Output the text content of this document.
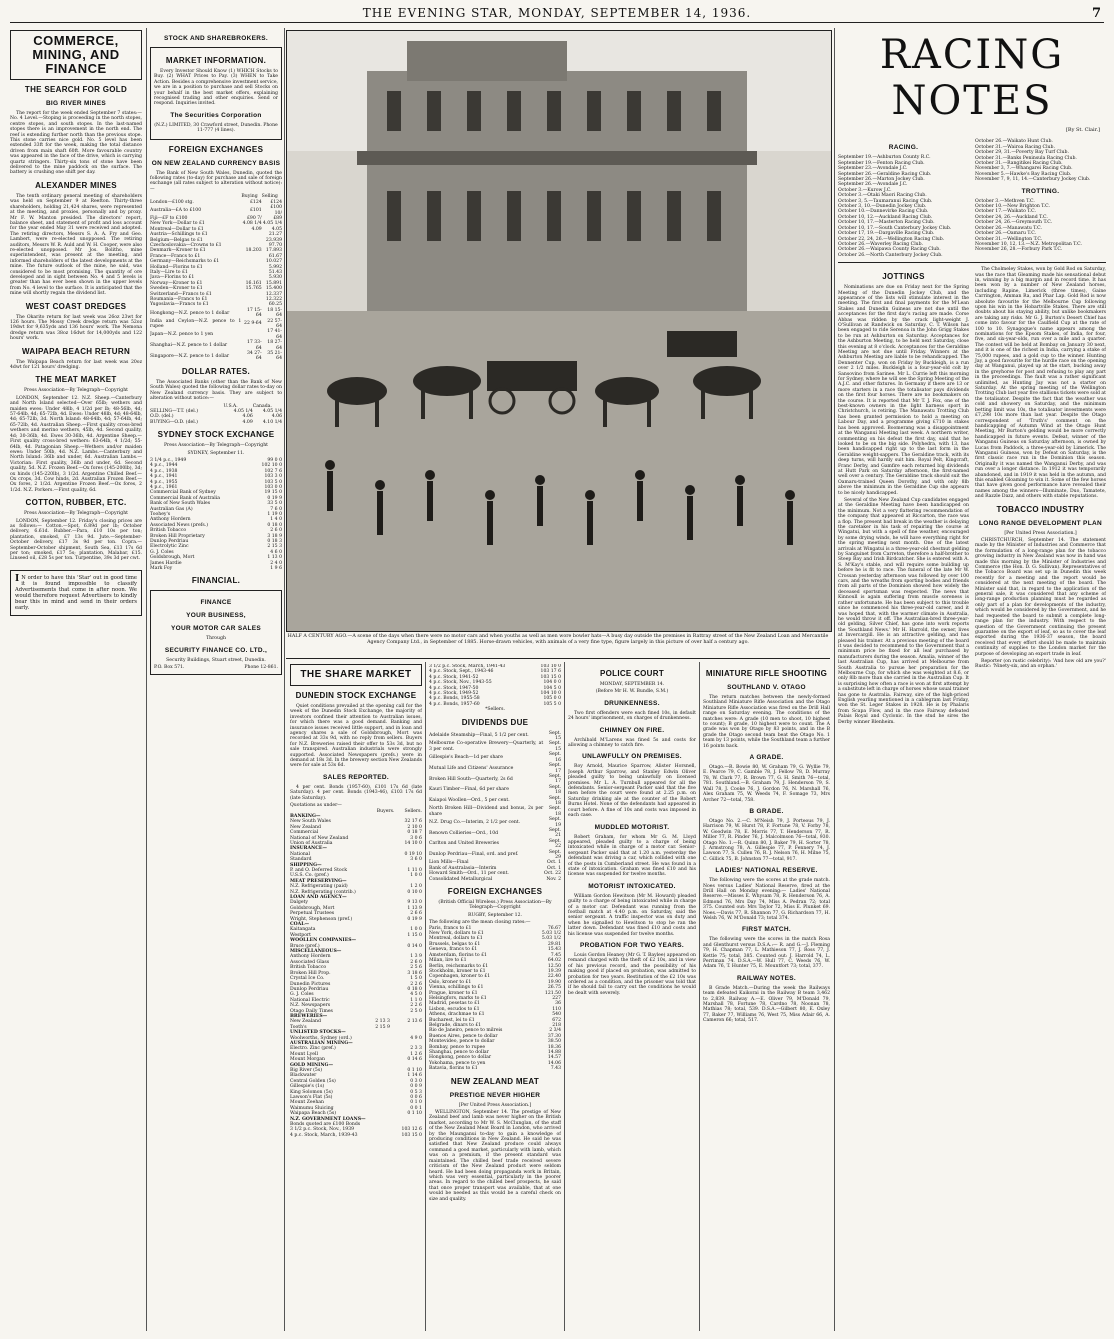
THE EVENING STAR, MONDAY, SEPTEMBER 14, 1936.	7
COMMERCE, MINING, AND FINANCE
THE SEARCH FOR GOLD
BIG RIVER MINES

The report for the week ended September 7 states:— No. 4 Level.—Stoping is proceeding in the north stopes, centre stopes, and south stopes. In the last-named stopes there is an improvement in the north end. The reef is extending further north than the previous stope. This stone carries nice gold. No. 5 level has been extended 33ft for the week, making the total distance driven from main shaft 60ft. More favourable country was appeared in the face of the drive, which is carrying quartz stringers. Thirty-six tons of stone have been delivered to the mine paddock on the surface. The battery is crushing one shift per day.

ALEXANDER MINES

The tenth ordinary general meeting of shareholders was held on September 9 at Reefton. Thirty-three shareholders, holding 21,424 shares, were represented at the meeting, and proxies, personally and by proxy. Mr F. W. Manton presided. The directors' report, balance sheet, and statement of profit and loss account for the year ended May 31 were received and adopted. The retiring directors, Messrs S. A. A. Fry and Geo. Lambert, were re-elected unopposed. The retiring auditors, Messrs W. R. Auld and W. H. Cooper, were also re-elected unopposed. Mr Jos. Bolitho, mine superintendent, was present at the meeting, and informed shareholders of the latest developments at the mine. The future outlook of the mine, he said, was considered to be most promising. The quantity of ore developed and in sight between No. 4 and 5 levels is greater than has ever been shown in the upper levels from No. 4 level to the surface. It is anticipated that the mine will shortly regain the dividend list.

WEST COAST DREDGES

The Okarito return for last week was 26oz 23wt for 126 hours. The Mossy Creek dredge return was 52oz 19dwt for 9,635yds and 136 hours' work. The Nemona dredge return was 38oz 16dwt for 14,000yds and 122 hours' work.

WAIPAPA BEACH RETURN

The Waipapa Beach return for last week was 20oz 4dwt for 121 hours' dredging.

THE MEAT MARKET
Press Association—By Telegraph—Copyright

LONDON, September 12. N.Z. Sheep.—Canterbury and North Island selected—Over 65lb; wethers and maiden ewes: Under 48lb, 4 1/2d per lb; 48-56lb, 4d; 57-64lb, 4d; 65-72lb, 4d. Ewes: Under 48lb, 4d; 48-64lb, 4d; 65-72lb, 3d. North Island: 48-64lb, 4d; 57-64lb, 4d; 65-72lb, 4d. Australian Sheep.—First quality cross-bred wethers and merino wethers, 45lb, 4d. Second quality, 4d; 30-36lb, 4d. Ewes 30-36lb, 4d. Argentine Sheep.—First quality cross-bred wethers: 63-64lb, 4 1/2d; 55-64lb, 4d. Patagonian Sheep.—Wethers and/or maiden ewes: Under 50lb, 4d. N.Z. Lambs.—Canterbury and North Island: 36lb and under, 6d. Australian Lambs.—Victorian: First quality, 36lb and under, 6d. Second quality, 5d. N.Z. Frozen Beef.—Ox fores (145-200lb), 3d; ox hinds (145-220lb), 3 1/2d. Argentine Chilled Beef.—Ox crops, 3d. Cow hinds, 2d. Australian Frozen Beef.—Ox fores, 2 1/2d. Argentine Frozen Beef.—Ox fores, 2 1/2d. N.Z. Porkers.—First quality, 6d.

COTTON, RUBBER, ETC.
Press Association—By Telegraph—Copyright

LONDON, September 12. Friday's closing prices are as follows:— Cotton.—Spot, 6.89d per lb; October delivery, 6.61d. Rubber.—Para, £10 10s per ton; plantation, smoked, £7 13s 9d. Jute.—September-October delivery, £17 3s 9d per ton. Copra.—September-October shipment, South Sea, £13 17s 6d per ton; smoked, £17 5s; plantation, Malabar, £15. Linseed oil, £28 5s per ton. Turpentine, 39s 3d per cwt.

I N order to have this 'Star' out in good time it is found impossible to classify Advertisements that come in after noon. We would therefore request Advertisers to kindly bear this in mind and send in their orders early.
STOCK AND SHAREBROKERS.
MARKET INFORMATION.

Every Investor Should Know (1) WHICH Stocks to Buy. (2) WHAT Prices to Pay. (3) WHEN to Take Action. Besides a comprehensive investment service, we are in a position to purchase and sell Stocks on your behalf in the best market offers, explaining recognised trading and other enquiries. Send or respond. Inquiries invited.

The Securities Corporation
(N.Z.) LIMITED, 30 Crawford street, Dunedin. Phone 11-777 (4 lines).
FOREIGN EXCHANGES
ON NEW ZEALAND CURRENCY BASIS

The Bank of New South Wales, Dunedin, quoted the following rates (to-day) for purchase and sale of foreign exchange (all rates subject to alteration without notice):—

	Buying	Selling
London—£100 stg.	£124	£124
Australia—£A to £100	£101	£100 10/
Fiji—£F to £100	£90 7/	£89
New York—Dollar to £1	4.08 1/4	4.05 1/4
Montreal—Dollar to £1	4.09	4.05
Austria—Schillings to £1		21.27
Belgium—Belgas to £1		23.939
Czechoslovakia—Crowns to £1		97.70
Denmark—Kroner to £1	18.203	17.893
France—Francs to £1		61.67
Germany—Reichsmarks to £1		10.027
Holland—Florins to £1		5.992
Italy—Lire to £1		51.43
Java—Florins to £1		5.930
Norway—Kroner to £1	16.161	15.891
Sweden—Kroner to £1	15.765	15.400
Switzerland—Francs to £1		12.337
Roumania—Francs to £1		12.322
Yugoslavia—Francs to £1		60.25
Hongkong—N.Z. pence to 1 dollar	17 15-64	18 15-64
India and Ceylon—N.Z. pence to 1 rupee	22 9-64	22 57-64
Japan—N.Z. pence to 1 yen		17 41-64
Shanghai—N.Z. pence to 1 dollar	17 33-64	18 27-64
Singapore—N.Z. pence to 1 dollar	34 27-64	35 21-64
DOLLAR RATES.

The Associated Banks (other than the Bank of New South Wales) quoted the following dollar rates to-day on New Zealand currency basis. They are subject to alteration without notice:—

	U.S.A.	Canada.
SELLING—T.T. (del.)	4.05 1/4	4.05 1/4
O.D. (del.)	4.06	4.06
BUYING—O.D. (del.)	4.09	4.10 1/4
SYDNEY STOCK EXCHANGE
Press Association—By Telegraph—Copyright
SYDNEY, September 11.
3 1/4 p.c., 1949	99 0 0
4 p.c., 1944	102 10 0
4 p.c., 1938	102 7 6
4 p.c., 1941	103 3 0
4 p.c., 1955	103 5 0
4 p.c., 1961	103 0 0
Commercial Bank of Sydney	19 15 0
Commercial Bank of Australia	0 19 9
Bank of New South Wales	33 5 0
Australian Gas (A)	7 6 0
Toohey's	1 19 0
Anthony Hordern	1 4 0
Associated News (prefs.)	0 18 0
British Tobacco	2 6 0
Broken Hill Proprietary	3 18 9
Dunlop Perdriau	0 18 3
Electrolytic Zinc	2 15 3
G. J. Coles	4 6 0
Goldsbrough, Mort	1 13 0
James Hardie	2 4 0
Mark Foy	1 9 6
FINANCIAL.
FINANCE
YOUR BUSINESS,
YOUR MOTOR CAR SALES
Through
SECURITY FINANCE CO. LTD.,
Security Buildings, Stuart street, Dunedin.
P.O. Box 571.	Phone 12-861.
HALF A CENTURY AGO.—A scene of the days when there were no motor cars and when youths as well as men wore bowler hats—A busy day outside the premises in Rattray street of the New Zealand Loan and Mercantile Agency Company Ltd., in September of 1885. Horse-drawn vehicles, with animals of a very fine type, figure largely in this picture of over half a century ago.
THE SHARE MARKET
DUNEDIN STOCK EXCHANGE

Quiet conditions prevailed at the opening call for the week of the Dunedin Stock Exchange, the majority of investors confined their attention to Australian issues, for which there was a good demand. Banking and insurance issues received little support, and in loan and agency shares a sale of Goldsbrough, Mort was recorded at 33s 9d, with no reply from sellers. Buyers for N.Z. Breweries raised their offer to 53s 3d, but no sale transpired. Australian industrials were strongly supported. Associated Newspapers (prefs.) were in demand at 18s 3d. In the brewery section New Zealands were for sale at 53s 6d.

SALES REPORTED.

4 per cent. Bonds (1957-60), £101 17s 6d (late Saturday). 4 per cent. Bonds (1943-46), £103 17s 6d (late Saturday).

Quotations as under—
Buyers. Sellers.
BANKING—
New South Wales	32 17 6	
New Zealand	2 10 0	
Commercial	0 18 7	
National of New Zealand	3 0 6	
Union of Australia	14 10 0	
INSURANCE—
National	0 19 10	
Standard	3 6 0	
SHIPPING—
P. and O. Deferred Stock	1 11 0	
U.S.S. Co. (pref.)	1 0 0	
MEAT PRESERVING—
N.Z. Refrigerating (paid)	1 2 0	
N.Z. Refrigerating (contrib.)	0 10 0	
LOAN AND AGENCY—
Dalgety	9 13 0	
Goldsbrough, Mort	1 13 9	
Perpetual Trustees	2 6 6	
Wright, Stephenson (pref.)	0 19 9	
COAL—
Kaitangata	1 0 0	
Westport	1 15 0	
WOOLLEN COMPANIES—
Bruce (pref.)	0 14 0	
MISCELLANEOUS—
Anthony Hordern	1 3 9	
Associated Glass	2 6 0	
British Tobacco	2 5 6	
Broken Hill Prop.	3 18 6	
Crystal Ice Co.	1 5 0	
Dunedin Pictures	2 2 6	
Dunlop Perdriau	0 18 0	
G. J. Coles	4 5 0	
National Electric	1 1 0	
N.Z. Newspapers	2 2 6	
Otago Daily Times	2 5 0	
BREWERIES—
New Zealand	2 13 3	2 13 6
Tooth's	2 15 9	
UNLISTED STOCKS—
Woolworths, Sydney (ord.)	4 9 0	
AUSTRALIAN MINING—
Electro. Zinc (pref.)	2 3 3	
Mount Lyell	1 2 6	
Mount Morgan	0 14 6	
GOLD MINING—
Big River (5s)	0 1 10	
Blackwater	1 14 6	
Central Golden (5s)	0 3 0	
Gillespie's (1s)	0 0 9	
King Solomon (5s)	0 5 3	
Lawson's Flat (5s)	0 0 6	
Mount Zeehan	0 1 0	
Waimumu Sluicing	0 0 1	
Waipapa Beach (5s)	0 1 10	
N.Z. GOVERNMENT LOANS—
Bonds quoted are £100 Bonds		
3 1/2 p.c. Stock, Nov., 1939	103 12 6	
4 p.c. Stock, March, 1939-43	103 15 0	
3 1/2 p.c. Stock, March, 1941-43	103 10 0
4 p.c. Stock, Sept., 1943-46	103 17 6
4 p.c. Stock, 1941-52	103 15 0
4 p.c. Stock, Nov., 1943-55	104 0 0
4 p.c. Stock, 1947-50	104 5 0
4 p.c. Stock, 1949-52	104 10 0
4 p.c. Bonds, 1955-58	105 0 0
4 p.c. Bonds, 1957-60	105 5 0
*Sellers.
DIVIDENDS DUE
Adelaide Steamship—Final, 5 1/2 per cent.	Sept. 15
Melbourne Co-operative Brewery—Quarterly, at 3 per cent.	Sept. 15
Gillespie's Beach—1d per share	Sept. 16
Mutual Life and Citizens' Assurance	Sept. 17
Broken Hill South—Quarterly, 2s 6d	Sept. 17
Kauri Timber—Final, 6d per share	Sept. 18
Kaiapoi Woollen—Ord., 5 per cent.	Sept. 18
North Broken Hill—Dividend and bonus, 2s per share	Sept. 18
N.Z. Drug Co.—Interim, 2 1/2 per cent.	Sept. 19
Renown Collieries—Ord., 10d	Sept. 21
Carlton and United Breweries	Sept. 22
Dunlop Perdriau—Final, ord. and pref.	Sept. 29
Lion Mills—Final	Oct. 1
Bank of Australasia—Interim	Oct. 1
Howard Smith—Ord., 11 per cent.	Oct. 22
Consolidated Metallurgical	Nov. 2
FOREIGN EXCHANGES
(British Official Wireless.) Press Association—By Telegraph—Copyright
RUGBY, September 12.
The following are the mean closing rates:—
Paris, francs to £1	76.67
New York, dollars to £1	5.03 1/2
Montreal, dollars to £1	5.03 1/2
Brussels, belgas to £1	29.81
Geneva, francs to £1	15.43
Amsterdam, florins to £1	7.45
Milan, lire to £1	64.02
Berlin, reichsmarks to £1	12.50
Stockholm, kroner to £1	19.39
Copenhagen, kroner to £1	22.40
Oslo, kroner to £1	19.90
Vienna, schillings to £1	26.75
Prague, kroner to £1	121.50
Helsingfors, marks to £1	227
Madrid, pesetas to £1	36
Lisbon, escudos to £1	110
Athens, drachmae to £1	540
Bucharest, lei to £1	672
Belgrade, dinars to £1	218
Rio de Janeiro, pence to milreis	2 3/4
Buenos Aires, pence to dollar	37.30
Montevideo, pence to dollar	38.50
Bombay, pence to rupee	18.36
Shanghai, pence to dollar	14.88
Hongkong, pence to dollar	14.57
Yokohama, pence to yen	14.06
Batavia, florins to £1	7.43
NEW ZEALAND MEAT
PRESTIGE NEVER HIGHER
[Per United Press Association.]

WELLINGTON, September 14. The prestige of New Zealand beef and lamb was never higher on the British market, according to Mr W. S. McClunglan, of the staff of the New Zealand Meat Board in London, who arrived by the Maunganui to-day to gain a knowledge of producing conditions in New Zealand. He said he was satisfied that New Zealand produce could always command a good market, particularly with lamb, which was on a premium, if the present standard was maintained. The chilled beef trade received severe criticism of the New Zealand product were seldom heard. He had been doing propaganda work in Britain, which was very essential, particularly in the poorer areas. In regard to the chilled beef prospects, he said that once proper transport was available, that at one would be needed as this would be a careful check on size and quality.

POLICE COURT
MONDAY, SEPTEMBER 14.
(Before Mr H. W. Bundle, S.M.)
DRUNKENNESS.

Two first offenders were each fined 10s, in default 24 hours' imprisonment, on charges of drunkenness.

CHIMNEY ON FIRE.

Archibald M'Larens was fined 5s and costs for allowing a chimney to catch fire.

UNLAWFULLY ON PREMISES.

Roy Arnold, Maurice Sparrow, Alister Horsnell, Joseph Arthur Sparrow, and Stanley Edwin Oliver pleaded guilty to being unlawfully on licensed premises. Mr L. A. Turnbull appeared for all the defendants. Senior-sergeant Packer said that the five men before the court were found at 2.25 p.m. on Saturday drinking ale at the counter of the Robert Burns Hotel. None of the defendants had appeared in court before. A fine of 10s and costs was imposed in each case.

MUDDLED MOTORIST.

Robert Graham, for whom Mr G. M. Lloyd appeared, pleaded guilty to a charge of being intoxicated while in charge of a motor car. Senior-sergeant Packer said that at 1.20 a.m. yesterday the defendant was driving a car, which collided with one of the posts in Cumberland street. He was found in a state of intoxication. Graham was fined £10 and his license was suspended for twelve months.

MOTORIST INTOXICATED.

William Gordon Hewitson (Mr M. Howard) pleaded guilty to a charge of being intoxicated while in charge of a motor car. Defendant was running from the football match at 4.40 p.m. on Saturday, said the senior sergeant. A traffic inspector was on duty and when he signalled to Hewitson to stop he ran the latter down. Defendant was fined £10 and costs and his license was suspended for twelve months.

PROBATION FOR TWO YEARS.

Louis Gordon Heaney (Mr G. T. Baylee) appeared on remand charged with the theft of £2 10s, and in view of his previous record, and the possibility of his making good if placed on probation, was admitted to probation for two years. Restitution of the £2 10s was ordered as a condition, and the prisoner was told that if he should fail to carry out the conditions he would be dealt with severely.

MINIATURE RIFLE SHOOTING
SOUTHLAND V. OTAGO

The return matches between the newly-formed Southland Miniature Rifle Association and the Otago Miniature Rifle Association was fired on the Drill Hall range on Saturday evening. The conditions of the matches were: A grade (10 men to shoot, 10 highest to count); B grade, 10 highest were to count. The A grade was won by Otago by 83 points, and in the B grade the Otago second team beat the Otago No. 1 team by 13 points, while the Southland team a further 16 points back.

A GRADE.

Otago.—R. Bowie 80, W. Graham 79, G. Wyllie 79, E. Pearce 79, C. Gamble 78, J. Fellow 78, D. Murray 78, W. Clark 77, R. Brown 77, G. H. Smith 76—total, 781. Southland.—B. Graham 79, J. Henderson 79, S. Wall 78, J. Cooke 76, J. Gordon 76, N. Marshall 76, Alex Graham 75, W. Weeds 74, F. Somage 73, Mrs Archer 72—total, 758.

B GRADE.

Otago No. 2.—C. M'Neish 79, J. Porteous 79, J. Harrison 79, W. Hurst 78, F. Fortune 78, V. Forby 78, W. Goodwin 78, E. Morris 77, T. Henderson 77, R. Miller 77, R. Pinder 76, J. Malcolmson 76—total, 930. Otago No. 1.—R. Quinn 80, J. Baker 79, H. Sorter 78, J. Armstrong 78, A. Gillespie 77, P. Fennery 74, J. Lawson 77, S. Cullen 76, R. J. Nelson 76, H. Milne 75, C. Gillick 75, B. Johnston 77—total, 917.

LADIES' NATIONAL RESERVE.

The following were the scores at the grade match. Noes versus Ladies' National Reserve, fired at the Drill Hall on Monday evening:— Ladies' National Reserve.—Misses E. Whysam 78, R. Henderson 76, A. Edmond 76, Mrs Day 74, Miss A. Pedran 72; total 375. Counted out: Mrs Taylor 72, Miss E. Plunket 69. Noes.—Davis 77, R. Shannon 77, G. Richardson 77, H. Welsh 76, W. M'Donald 73; total 374.

FIRST MATCH.

The following were the scores in the match Rosa and Glenthurst versus D.S.A.:— R. and G.—J. Fleming 79, H. Chapman 77, L. Mathieson 77, J. Ross 77, J. Kettle 75; total, 385. Counted out: J. Harrold 74, L. Perriman 74. D.S.A.—W. Hull 77, C. Weeds 76, W. Adam 76, T. Hunter 75, E. Mountfort 73; total, 377.

RAILWAY NOTES.

B Grade Match.—During the week the Railways team defeated Kaikorai in the Railway B team 3,462 to 2,839. Railway A.—E. Oliver 79, M'Donald 79, Marshall 78, Fortune 78, Cardno 78, Noonan 78, Mathias 78; total, 539. D.S.A.—Gilbert 80, E. Oxley 77, Baker 77, Williams 76, West 75, Miss Adair 66, A. Cameron 66; total, 517.

RACING NOTES
[By St. Clair.]
RACING.
September 19.—Ashburton County R.C.
September 19.—Fenton Racing Club.
September 23.—Avondale J.C.
September 26.—Geraldine Racing Club.
September 26.—Marton Jockey Club.
September 26.—Avondale J.C.
October 3.—Kurow J.C.
October 3.—Otaki Maori Racing Club.
October 3, 5.—Taumaranui Racing Club.
October 3, 10.—Dunedin Jockey Club.
October 10.—Dannevirke Racing Club.
October 10, 12.—Auckland Racing Club.
October 10, 17.—Masterton Racing Club.
October 10, 17.—South Canterbury Jockey Club.
October 17, 19.—Dargaville Racing Club.
October 22, 24, 26.—Wellington Racing Club.
October 26.—Waverley Racing Club.
October 26.—Waipawa County Racing Club.
October 26.—North Canterbury Jockey Club.
October 26.—Waikato Hunt Club.
October 31.—Wairoa Racing Club.
October 29, 31.—Poverty Bay Turf Club.
October 31.—Banks Peninsula Racing Club.
October 31.—Rangitikei Racing Club.
November 3, 7.—Whangarei Racing Club.
November 5.—Hawke's Bay Racing Club.
November 7, 9, 11, 14.—Canterbury Jockey Club.
TROTTING.
October 3.—Methven T.C.
October 10.—New Brighton T.C.
October 17.—Waikato T.C.
October 24, 26.—Auckland T.C.
October 24, 26.—Greymouth T.C.
October 26.—Manawatu T.C.
October 26.—Oamaru T.C.
October 31.—Wellington T.C.
November 10, 12, 13.—N.Z. Metropolitan T.C.
November 26, 28.—Forbury Park T.C.
JOTTINGS

Nominations are due on Friday next for the Spring Meeting of the Dunedin Jockey Club, and the appearance of the lists will stimulate interest in the meeting. The first and final payments for the M'Lean Stakes and Dunedin Guineas are not due until the acceptances for the first day's racing are made. Corse Abbas was ridden by the crack light-weight J. O'Sullivan at Randwick on Saturday. C. T. Wilson has been engaged to ride Serenoa in the John Grigg Stakes to be run at Ashburton on Saturday. Acceptances for the Ashburton Meeting, to be held next Saturday, close this evening at 8 o'clock. Acceptances for the Geraldine Meeting are not due until Friday. Winners at the Ashburton Meeting are liable to be rehandicapped. The Dennenter Cup, won on Friday by Buckleigh, is a run over 2 1/2 miles. Buckleigh is a four-year-old colt by Sansovino from Sarinee. Mr L. Currie left this morning for Sydney, where he will see the Spring Meeting of the A.J.C. and other fixtures. In Germany if there are 13 or more starters in a race the totalisator pays dividends on the first four horses. There are no bookmakers on the course. It is reported that Mr T. J. Fox, one of the best-known owners in the light harness sport in Christchurch, is retiring. The Manawatu Trotting Club has been granted permission to hold a meeting on Labour Day, and a programme giving £710 in stakes has been approved. Boomerang was a disappointment at the Wanganui Meeting last week. A northern writer, commenting on his defeat the first day, said that he looked to be on the big side. Polyhedra, with 13, has been handicapped right up to the last form in the Geraldine weight-sappers. The Geraldine track, with its deep turns, will hardly suit him. Royal Pelt, Kingcraft, Franc Derby, and Gamfire each returned big dividends at Hutt Park on Saturday afternoon, the first-named well over a century. The Geraldine track should suit the Oamaru-trained Queen Dorothy, and with only 8lb above the minimum in the Geraldine Cup she appears to be nicely handicapped.

Several of the New Zealand Cup candidates engaged at the Geraldine Meeting have been handicapped on the minimum. Not a very flattering recommendation of the company that appeared at Riccarton, the race was a flop. The present bad break in the weather is delaying the caretaker in his task of repairing the course at Wingatui, but with a spell of fine weather, encouraged by some drying winds, he will have everything right for the spring meeting next month. One of the latest arrivals at Wingatui is a three-year-old chestnut gelding by Sanguinet from Carreton, therefore a half-brother to Steep Bay and Irish Birdcatcher. She is entered with A. S. M'Kay's stable, and will require some building up before he is fit to race. The funeral of the late Mr W. Crossan yesterday afternoon was followed by over 100 cars, and the wreaths from sporting bodies and friends from all parts of the Dominion showed how widely the deceased sportsman was respected. The news that Kinnoull is again suffering from muscle soreness is rather unfortunate. He has been subject to this trouble since he commenced his three-year-old career, and it was hoped that, with the warmer climate in Australia, he would throw it off. The Australian-bred three-year-old gelding, Silver Chief, has gone into work reports the 'Southland News.' Mr H. Harrold, the owner, lives at Invercargill. He is an attractive gelding, and has pleased his trainer. At a previous meeting of the board it was decided to recommend to the Government that a minimum price be fixed for all leaf purchased by manufacturers during the season. Amalia, winner of the last Australian Cup, has arrived at Melbourne from South Australia to pursue her preparation for the Melbourne Cup, for which she was weighted at 8.6, or only 8lb more than she carried in the Australian Cup. It is surprising how often a race is won at first attempt by a substitute left in charge of horses whose usual trainer has gone to Australia. Fairway, sire of the high-priced English yearling mentioned in a cablegram last Friday, won the St. Leger Stakes in 1928. He is by Phalaris from Scapa Flow, and in the race Fairway defeated Palais Royal and Cyclonic. In the stud he sires the Derby winner Blenheim.

The Cholmeley Stakes, won by Gold Rod on Saturday, was the race that Gleaming made his sensational debut in, winning by a big margin and in record time. It has been won by a number of New Zealand horses, including Rapine, Limerick (three times), Gaine Carrington, Amman Ra, and Phar Lap. Gold Rod is now absolute favourite for the Melbourne Cup following upon his win in the Hobartville Stakes. There are still doubts about his staying ability, but unlike bookmakers are taking any risks. Mr G. J. Burton's Desert Chief has come into favour for the Caulfield Cup at the rate of 100 to 10. Synagogue's name appears among the nominations for the Epsom Stakes, of India, for four, five, and six-year-olds, run over a mile and a quarter. The contest will be held at Bombay on January 30 next, and it is one of the richest in India, carrying a stake of 75,000 rupees, and a gold cup to the winner. Hunting Jay, a good favourite for the hurdle race on the opening day at Wanganui, played up at the start, bucking away in the greyhorse for post and refusing to play any part in the proceedings. The fault was a rather significant unlimited, as Hunting Jay was not a starter on Saturday. At the spring meeting of the Wellington Trotting Club last year five stallions tickets were sold at the totalisator. Despite the fact that the weather was cold and showery on Saturday, and the minimum betting limit was 10s, the totalisator investments were £7,298 10s more than last year. Despite the Otago correspondent of 'Truth's' comment on the handicapping of Autumn Wind at the Otago Hunt Meeting, Mr Burton's gelding would be more correctly handicapped in future events. Defeat, winner of the Wanganui Guineas on Saturday afternoon, is owned by Lucas from Paddock, a three-year-old by Limerick. The Wanganui Guineas, won by Defeat on Saturday, is the first classic race run in the Dominion this season. Originally it was named the Wanganui Derby, and was run over a longer distance. In 1912 it was temporarily abandoned, and in 1919 it was held in the autumn, and this enabled Gloaming to win it. Some of the few horses that have given good performance have revealed their names among the winners—Illuminate, Duo, Tamatete, and Razzle Dazz, and others with stable reputations.

TOBACCO INDUSTRY
LONG RANGE DEVELOPMENT PLAN
[Per United Press Association.]

CHRISTCHURCH, September 14. The statement made by the Minister of Industries and Commerce that the formulation of a long-range plan for the tobacco growing industry in New Zealand was now in hand was made this morning by the Minister of Industries and Commerce (the Hon. D. G. Sullivan). Representatives of the Tobacco Board was set up in Dunedin this week recently for a meeting and the report would be considered at the next meeting of the board. The Minister said that, in regard to the application of the general sale, it was considered that any scheme of long-range production planning must be regarded as only part of a plan for developments of the industry, which would be considered by the Government, and he had requested the board to submit a complete long-range plan for the industry. With respect to the question of the Government continuing the present guarantee on the export of leaf, so as to cover the leaf exported during the 1936-37 season, the board received that every effort should be made to maintain continuity of supplies to the London market for the purpose of developing an export trade in leaf.

Reporter (on rustic celebrity): 'And how old are you?' Rustic: 'Ninety-six, and an orphan.'
